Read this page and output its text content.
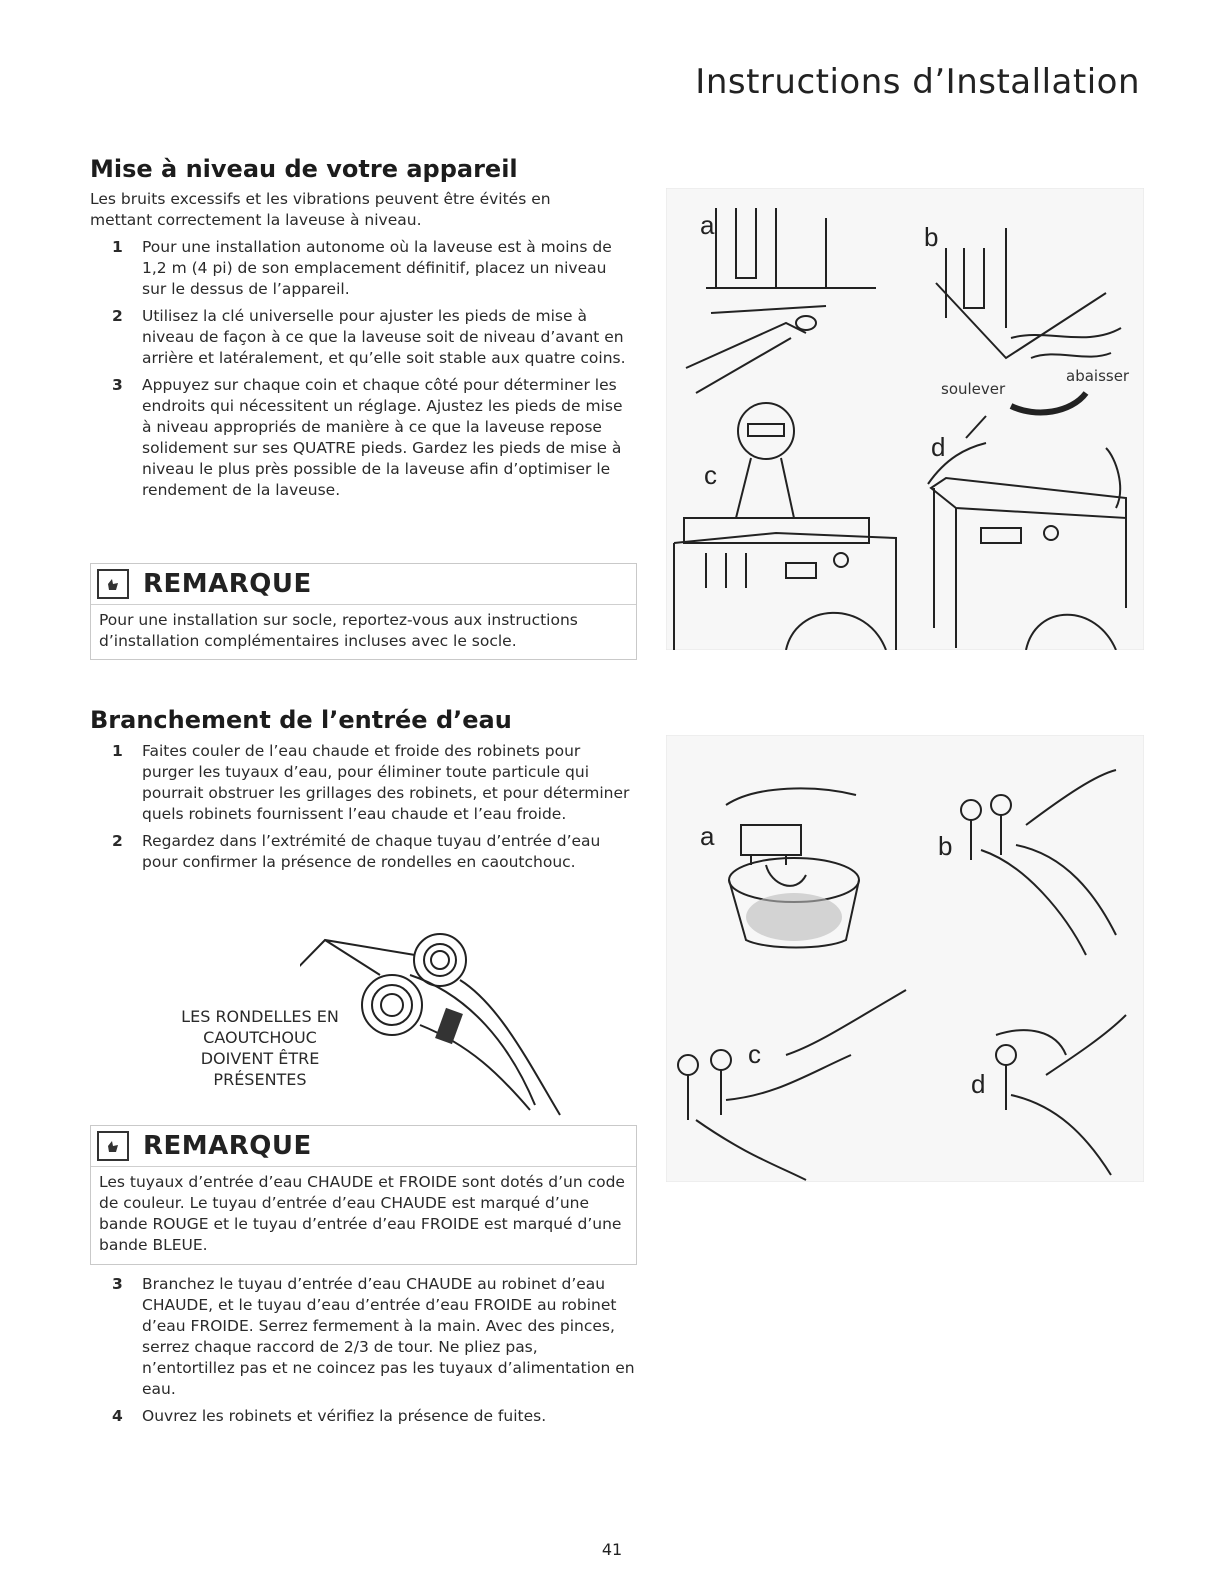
Instructions d’Installation
Mise à niveau de votre appareil

Les bruits excessifs et les vibrations peuvent être évités en mettant correctement la laveuse à niveau.

1 Pour une installation autonome où la laveuse est à moins de 1,2 m (4 pi) de son emplacement définitif, placez un niveau sur le dessus de l’appareil.
2 Utilisez la clé universelle pour ajuster les pieds de mise à niveau de façon à ce que la laveuse soit de niveau d’avant en arrière et latéralement, et qu’elle soit stable aux quatre coins.
3 Appuyez sur chaque coin et chaque côté pour déterminer les endroits qui nécessitent un réglage. Ajustez les pieds de mise à niveau appropriés de manière à ce que la laveuse repose solidement sur ses QUATRE pieds. Gardez les pieds de mise à niveau le plus près possible de la laveuse afin d’optimiser le rendement de la laveuse.
REMARQUE
Pour une installation sur socle, reportez-vous aux instructions d’installation complémentaires incluses avec le socle.
a	b
soulever
abaisser
c
d
Branchement de l’entrée d’eau
1 Faites couler de l’eau chaude et froide des robinets pour purger les tuyaux d’eau, pour éliminer toute particule qui pourrait obstruer les grillages des robinets, et pour déterminer quels robinets fournissent l’eau chaude et l’eau froide.
2 Regardez dans l’extrémité de chaque tuyau d’entrée d’eau pour confirmer la présence de rondelles en caoutchouc.
LES RONDELLES EN
CAOUTCHOUC
DOIVENT ÊTRE
PRÉSENTES
REMARQUE
Les tuyaux d’entrée d’eau CHAUDE et FROIDE sont dotés d’un code de couleur. Le tuyau d’entrée d’eau CHAUDE est marqué d’une bande ROUGE et le tuyau d’entrée d’eau FROIDE est marqué d’une bande BLEUE.
3 Branchez le tuyau d’entrée d’eau CHAUDE au robinet d’eau CHAUDE, et le tuyau d’eau d’entrée d’eau FROIDE au robinet d’eau FROIDE. Serrez fermement à la main. Avec des pinces, serrez chaque raccord de 2/3 de tour. Ne pliez pas, n’entortillez pas et ne coincez pas les tuyaux d’alimentation en eau.
4 Ouvrez les robinets et vérifiez la présence de fuites.
a	b
c
d
41
